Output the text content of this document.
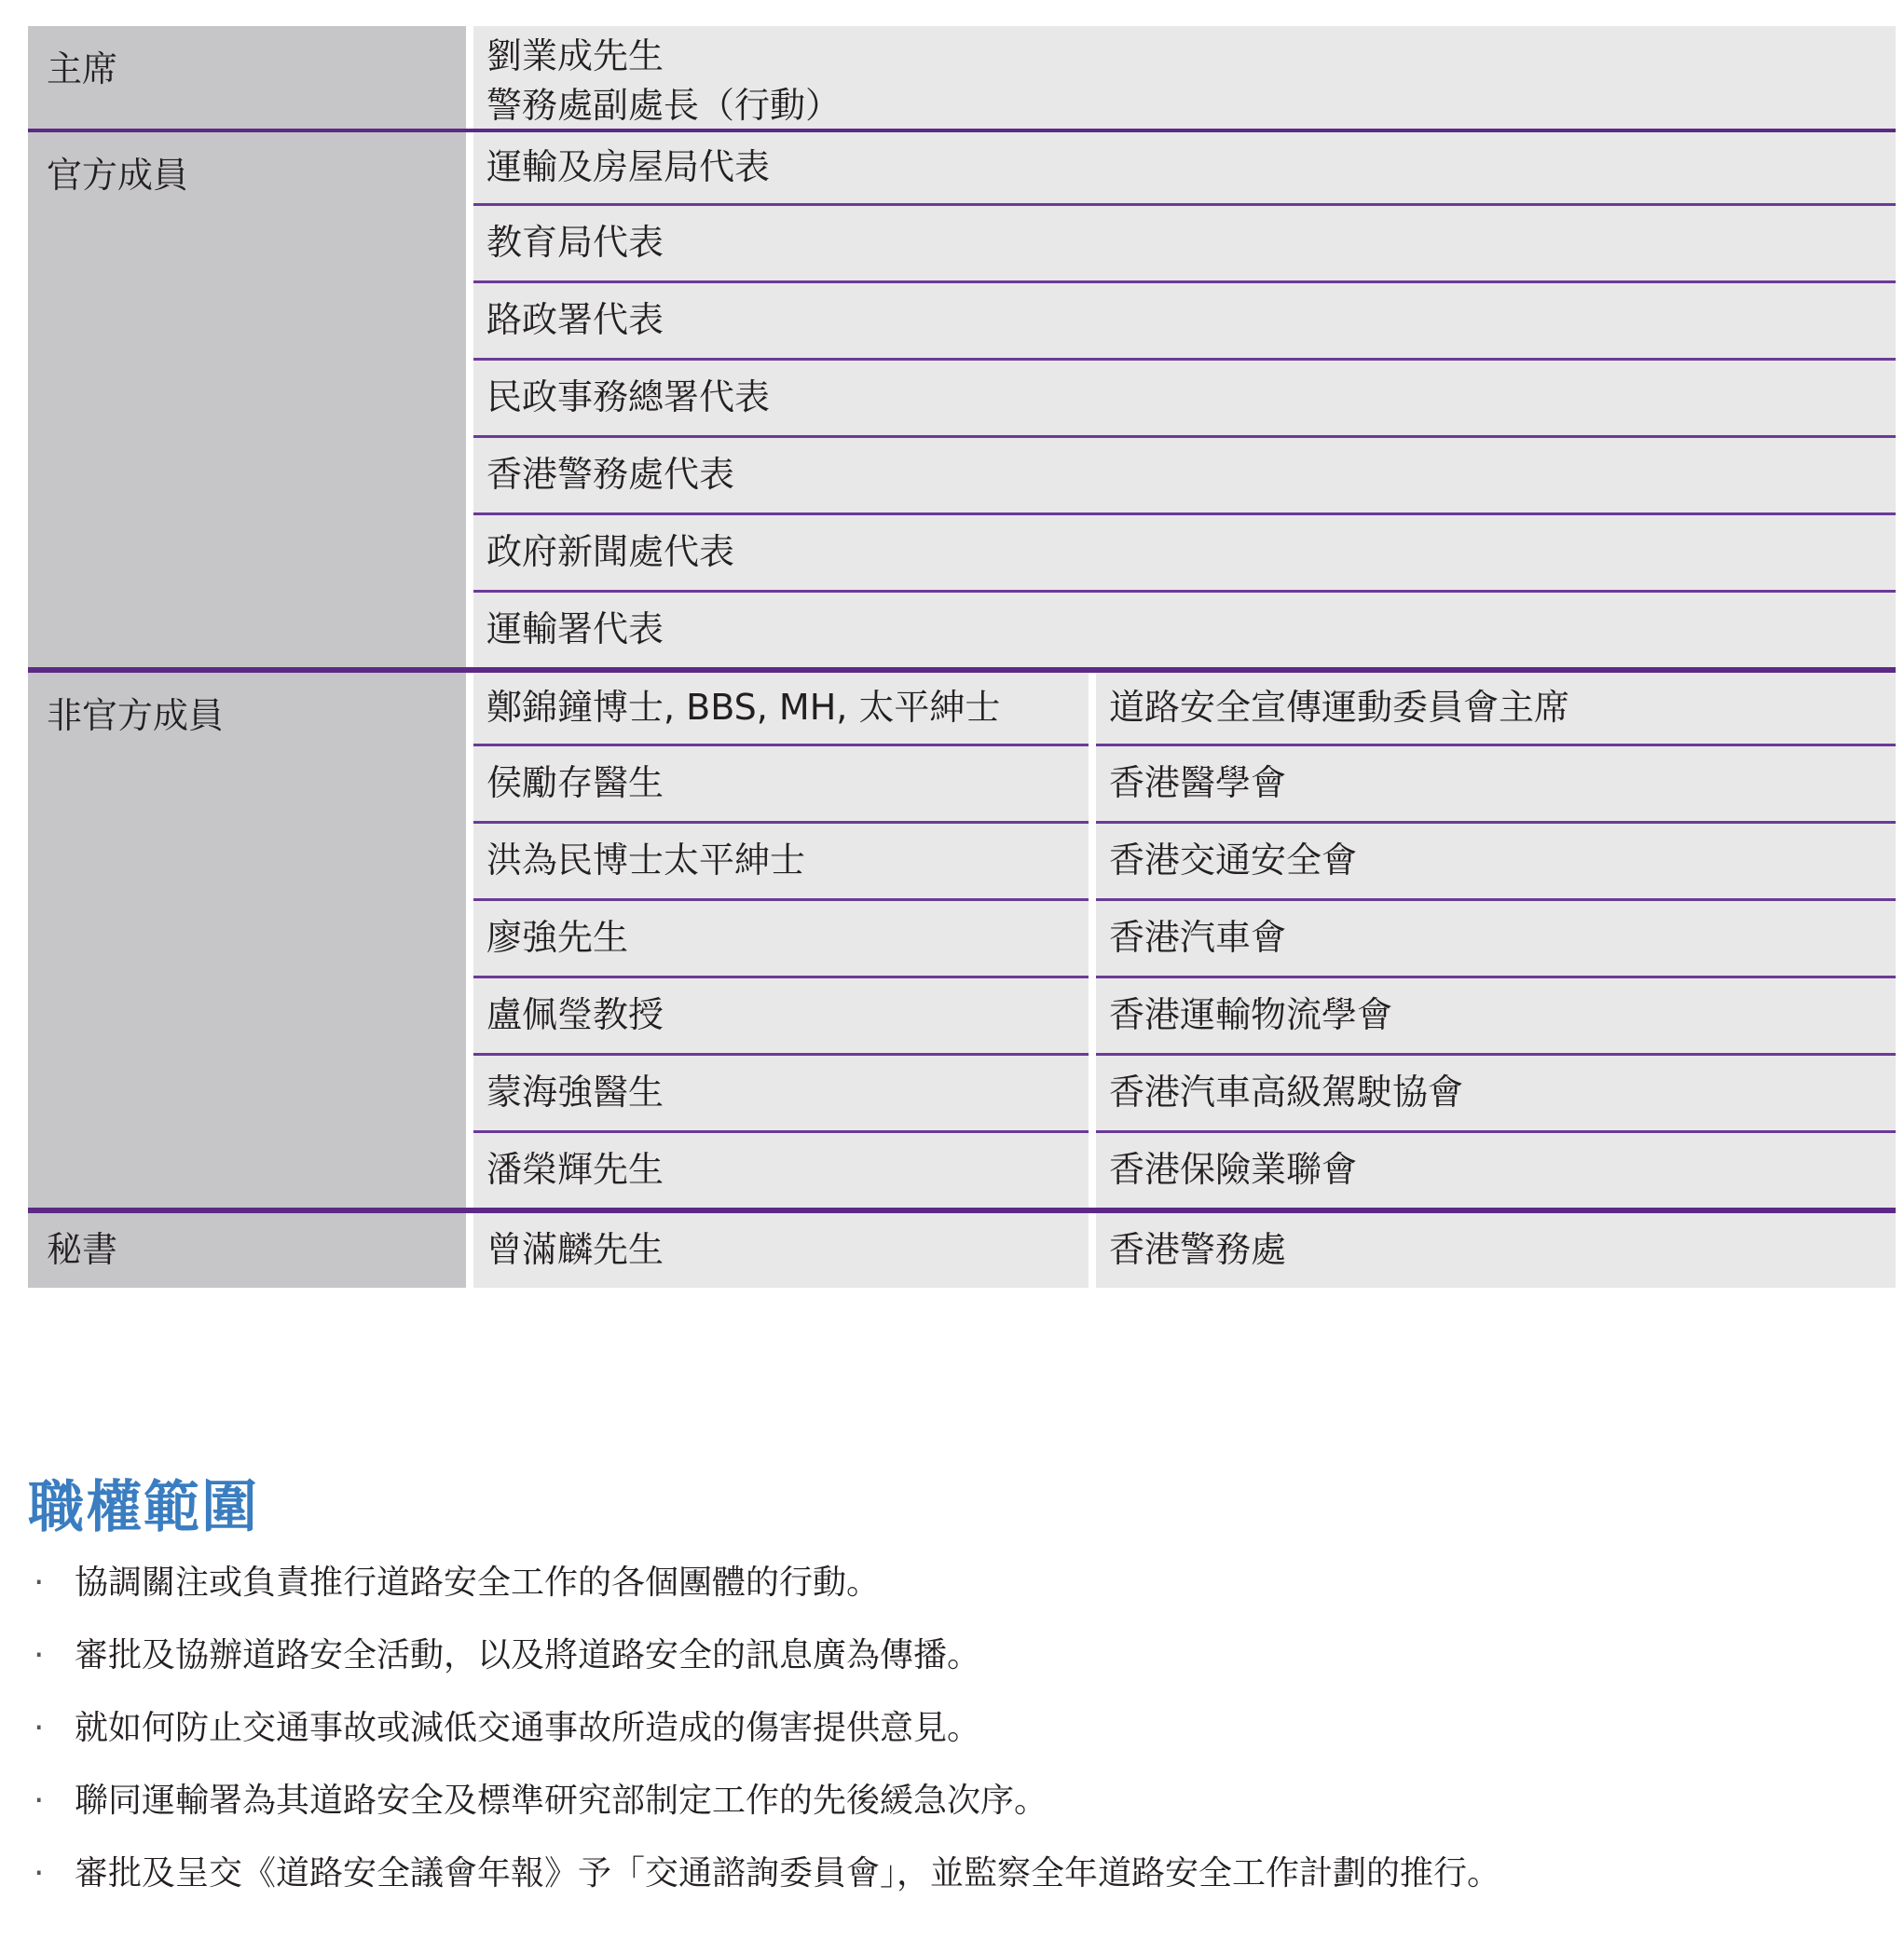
主席	劉業成先生
警務處副處長（行動）
官方成員	運輸及房屋局代表
教育局代表
路政署代表
民政事務總署代表
香港警務處代表
政府新聞處代表
運輸署代表
非官方成員	鄭錦鐘博士, BBS, MH, 太平紳士	道路安全宣傳運動委員會主席
侯勵存醫生	香港醫學會
洪為民博士太平紳士	香港交通安全會
廖強先生	香港汽車會
盧佩瑩教授	香港運輸物流學會
蒙海強醫生	香港汽車高級駕駛協會
潘榮輝先生	香港保險業聯會
秘書	曾滿麟先生	香港警務處
職權範圍
· 協調關注或負責推行道路安全工作的各個團體的行動。
· 審批及協辦道路安全活動，以及將道路安全的訊息廣為傳播。
· 就如何防止交通事故或減低交通事故所造成的傷害提供意見。
· 聯同運輸署為其道路安全及標準研究部制定工作的先後緩急次序。
· 審批及呈交《道路安全議會年報》予「交通諮詢委員會」，並監察全年道路安全工作計劃的推行。
